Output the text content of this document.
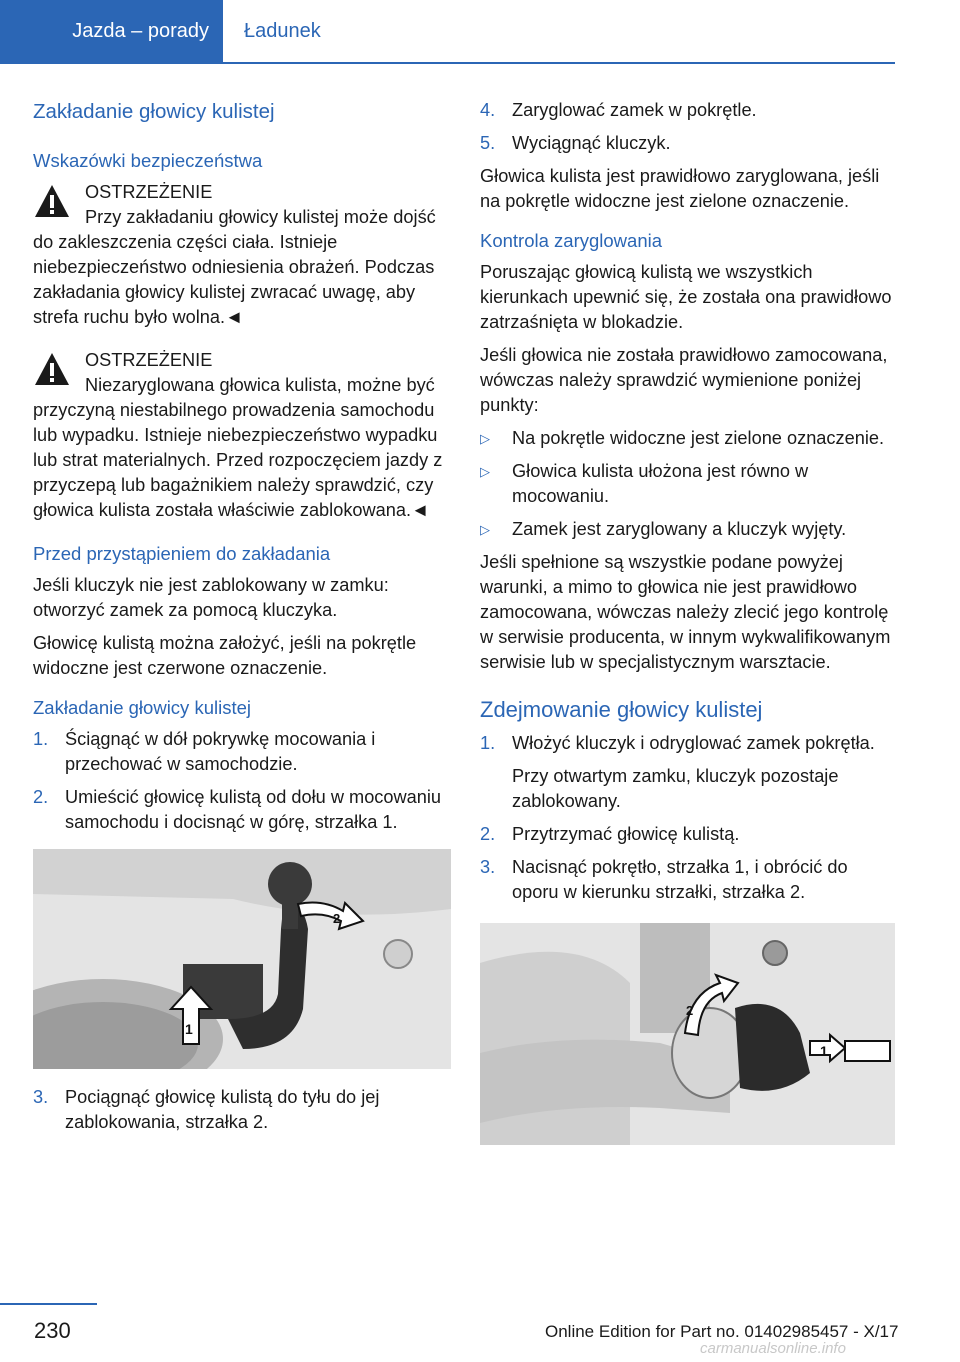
Jazda – porady	Ładunek
Zakładanie głowicy kulistej
Wskazówki bezpieczeństwa
OSTRZEŻENIE
Przy zakładaniu głowicy kulistej może dojść do zakleszczenia części ciała. Istnieje niebezpieczeństwo odniesienia obrażeń. Podczas zakładania głowicy kulistej zwracać uwagę, aby strefa ruchu było wolna.◄
OSTRZEŻENIE
Niezaryglowana głowica kulista, możne być przyczyną niestabilnego prowadzenia samochodu lub wypadku. Istnieje niebezpieczeństwo wypadku lub strat materialnych. Przed rozpoczęciem jazdy z przyczepą lub bagażnikiem należy sprawdzić, czy głowica kulista została właściwie zablokowana.◄
Przed przystąpieniem do zakładania

Jeśli kluczyk nie jest zablokowany w zamku: otworzyć zamek za pomocą kluczyka.

Głowicę kulistą można założyć, jeśli na pokrętle widoczne jest czerwone oznaczenie.

Zakładanie głowicy kulistej
1. Ściągnąć w dół pokrywkę mocowania i przechować w samochodzie.
2. Umieścić głowicę kulistą od dołu w mocowaniu samochodu i docisnąć w górę, strzałka 1.
1
2
3. Pociągnąć głowicę kulistą do tyłu do jej zablokowania, strzałka 2.
4. Zaryglować zamek w pokrętle.
5. Wyciągnąć kluczyk.

Głowica kulista jest prawidłowo zaryglowana, jeśli na pokrętle widoczne jest zielone oznaczenie.

Kontrola zaryglowania

Poruszając głowicą kulistą we wszystkich kierunkach upewnić się, że została ona prawidłowo zatrzaśnięta w blokadzie.

Jeśli głowica nie została prawidłowo zamocowana, wówczas należy sprawdzić wymienione poniżej punkty:

▷ Na pokrętle widoczne jest zielone oznaczenie.
▷ Głowica kulista ułożona jest równo w mocowaniu.
▷ Zamek jest zaryglowany a kluczyk wyjęty.

Jeśli spełnione są wszystkie podane powyżej warunki, a mimo to głowica nie jest prawidłowo zamocowana, wówczas należy zlecić jego kontrolę w serwisie producenta, w innym wykwalifikowanym serwisie lub w specjalistycznym warsztacie.

Zdejmowanie głowicy kulistej
1. Włożyć kluczyk i odryglować zamek pokrętła.
Przy otwartym zamku, kluczyk pozostaje zablokowany.
2. Przytrzymać głowicę kulistą.
3. Nacisnąć pokrętło, strzałka 1, i obrócić do oporu w kierunku strzałki, strzałka 2.
1
2
230	Online Edition for Part no. 01402985457 - X/17
carmanualsonline.info
